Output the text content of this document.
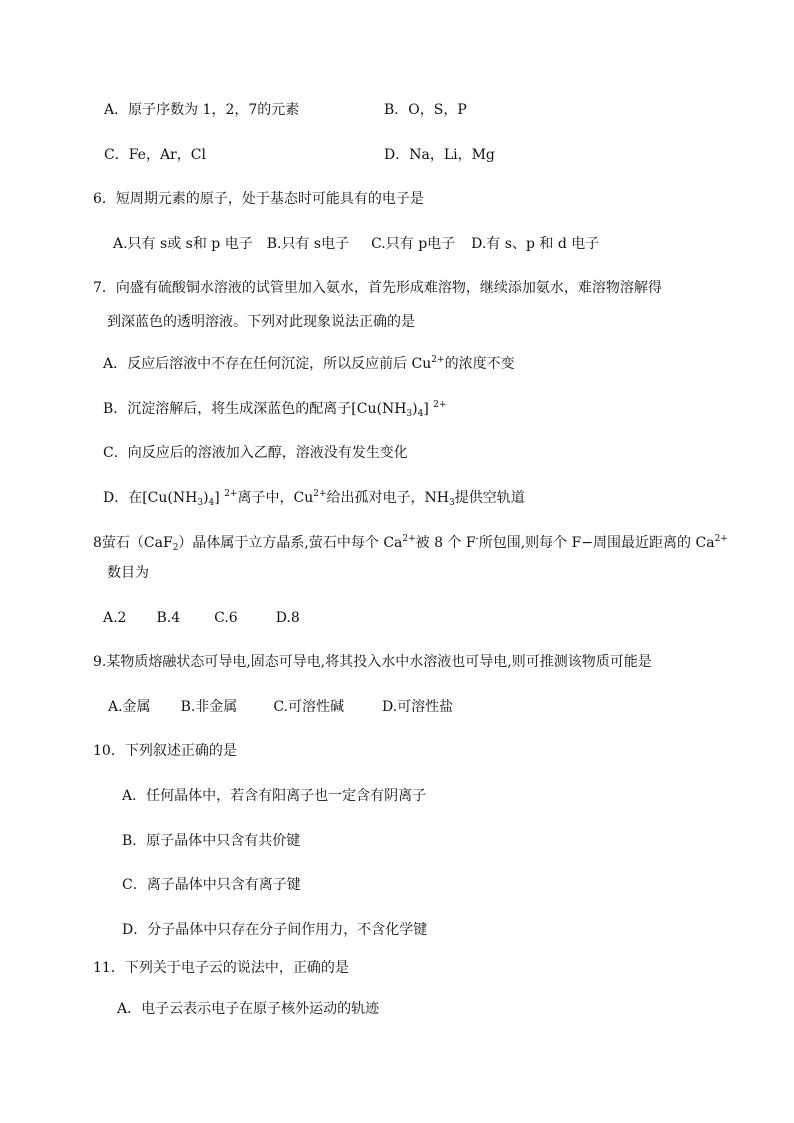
A．原子序数为 1，2，7的元素	B．O，S，P
C．Fe，Ar，Cl	D．Na，Li，Mg
6．短周期元素的原子，处于基态时可能具有的电子是
A.只有 s或 s和 p 电子 B.只有 s电子 C.只有 p电子 D.有 s、p 和 d 电子
7．向盛有硫酸铜水溶液的试管里加入氨水，首先形成难溶物，继续添加氨水，难溶物溶解得
到深蓝色的透明溶液。下列对此现象说法正确的是
A．反应后溶液中不存在任何沉淀，所以反应前后 $Cu^{2+}$的浓度不变
B．沉淀溶解后，将生成深蓝色的配离子$[Cu(NH_3)_4]$ $^{2+}$
C．向反应后的溶液加入乙醇，溶液没有发生变化
D．在$[Cu(NH_3)_4]$ $^{2+}$离子中，$Cu^{2+}$给出孤对电子，$NH_3$提供空轨道
8萤石（CaF$_2$）晶体属于立方晶系,萤石中每个 $Ca^{2+}$被 8 个 F-所包围,则每个 F−周围最近距离的 $Ca^{2+}$
数目为
A.2 B.4 C.6	D.8
9.某物质熔融状态可导电,固态可导电,将其投入水中水溶液也可导电,则可推测该物质可能是
A.金属 B.非金属	C.可溶性碱	D.可溶性盐
10．下列叙述正确的是
A．任何晶体中，若含有阳离子也一定含有阴离子
B．原子晶体中只含有共价键
C．离子晶体中只含有离子键
D．分子晶体中只存在分子间作用力，不含化学键
11．下列关于电子云的说法中，正确的是
A．电子云表示电子在原子核外运动的轨迹
